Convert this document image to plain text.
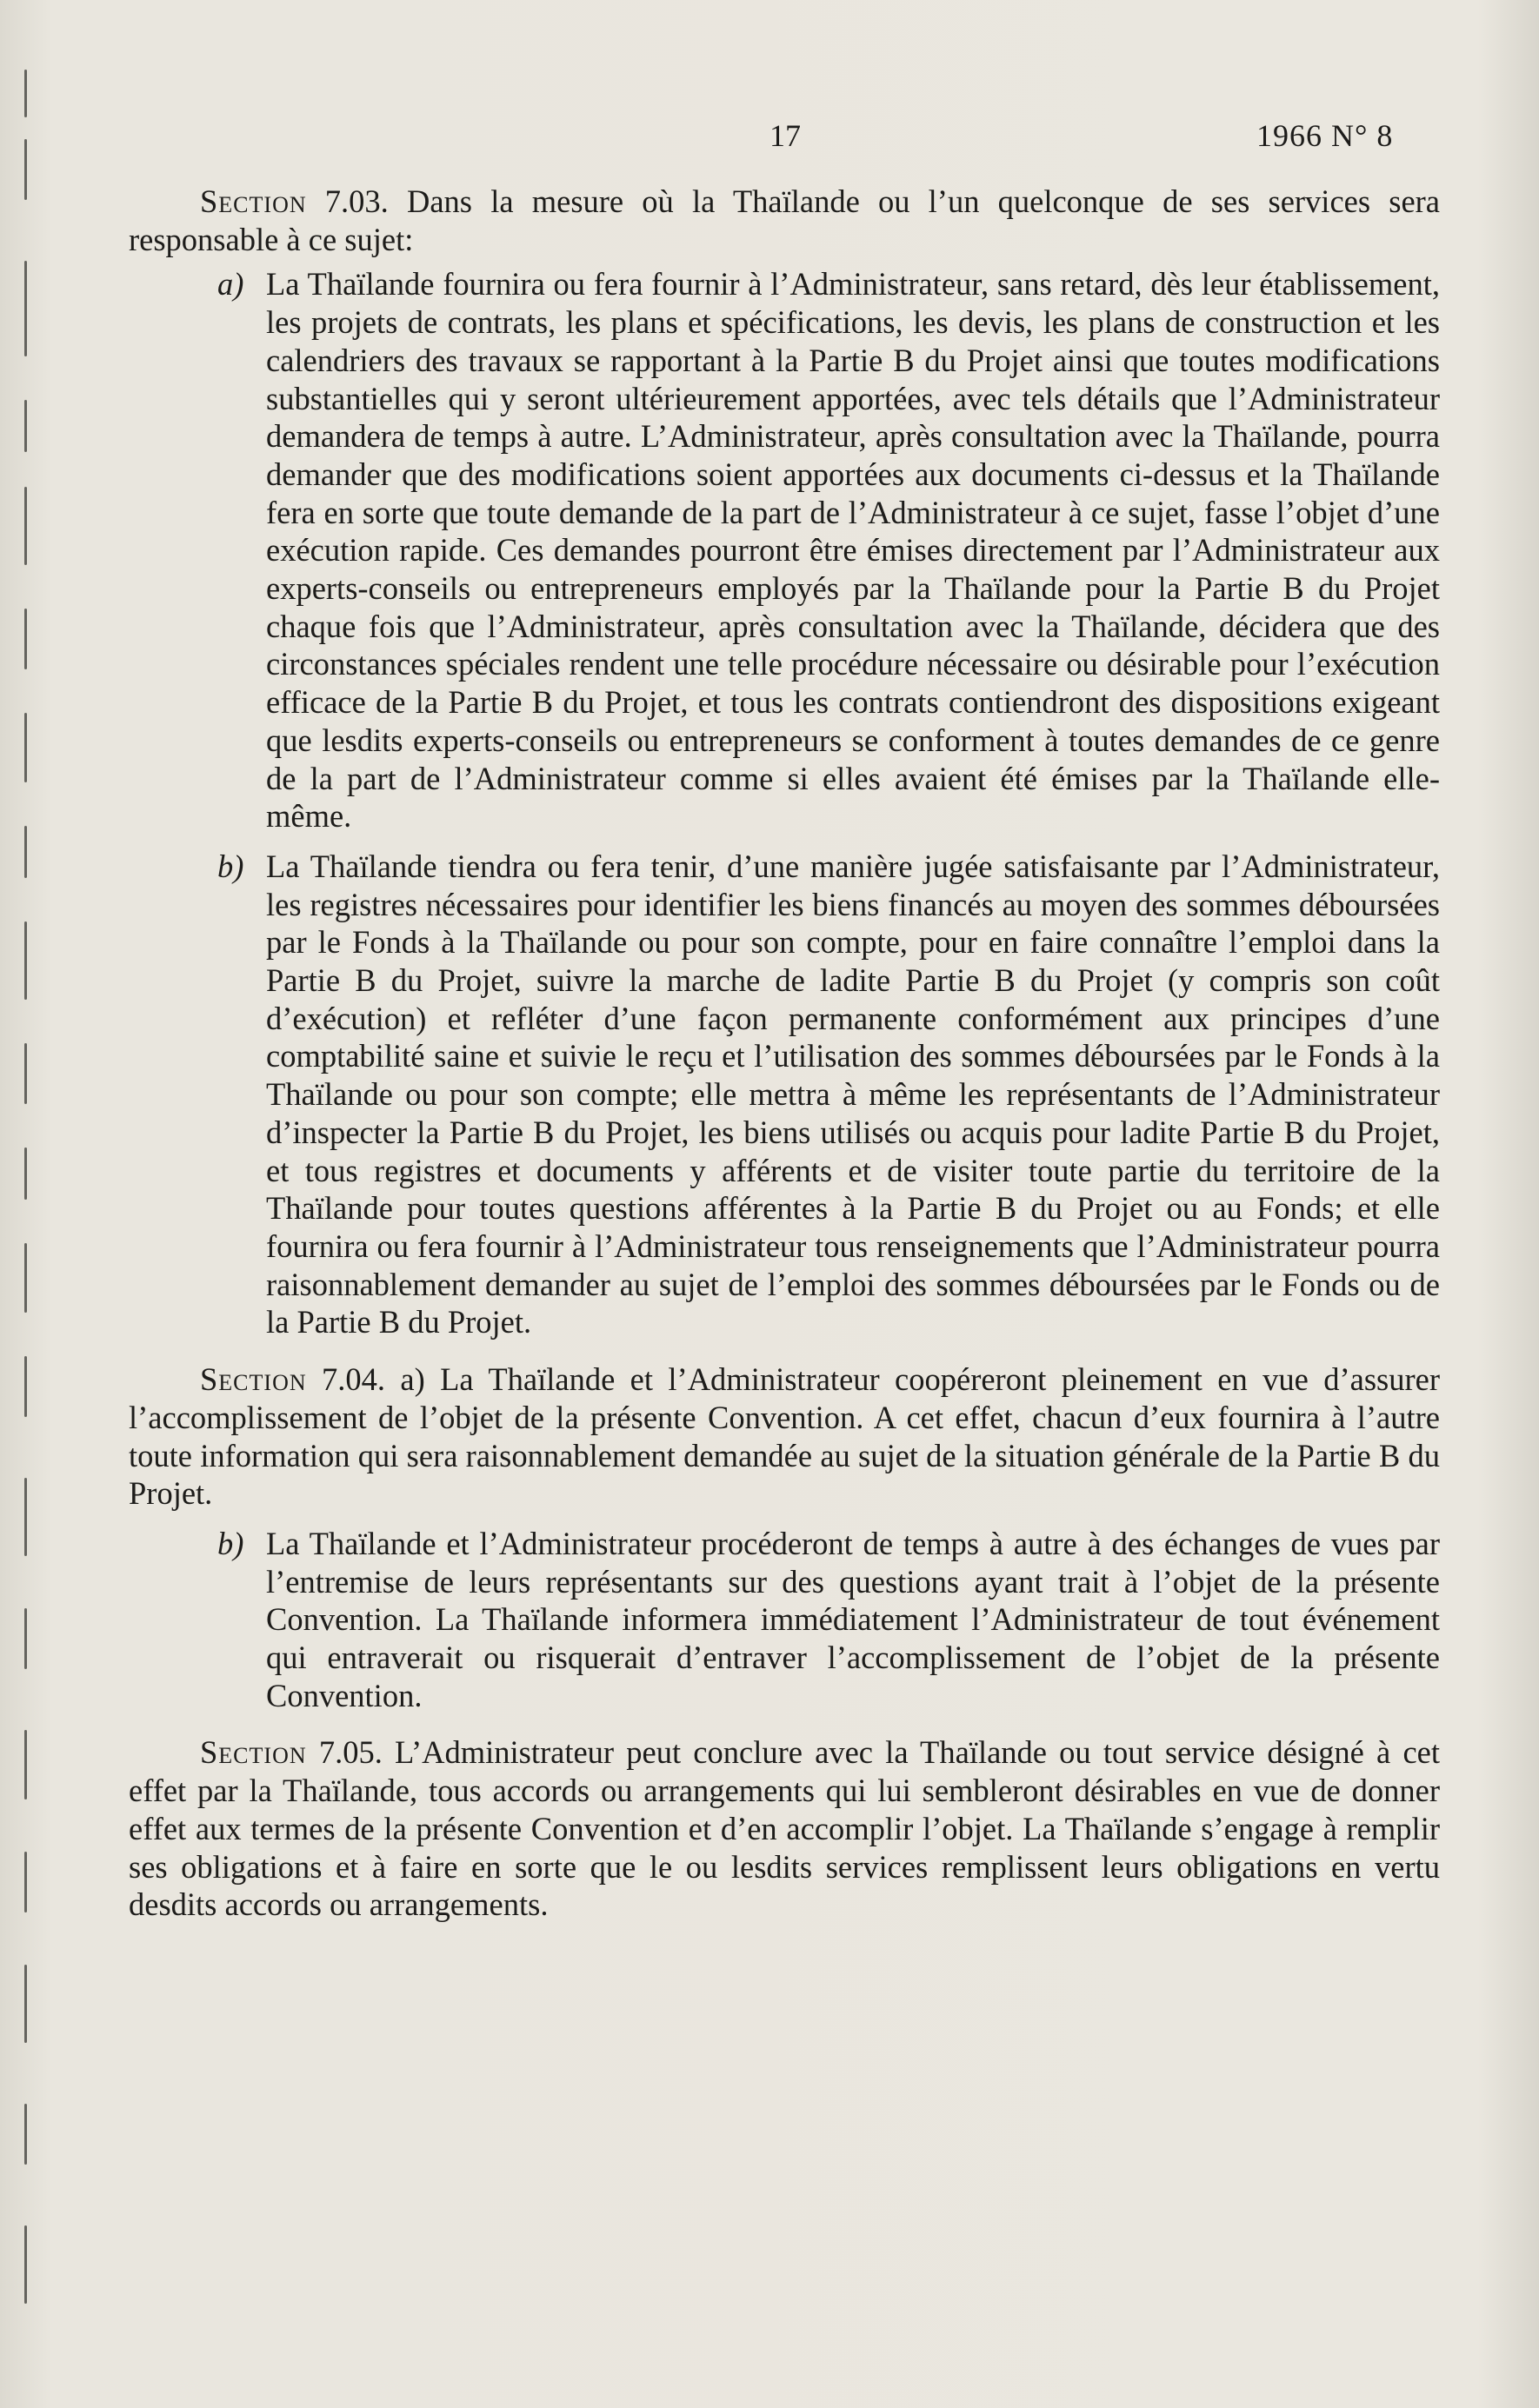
17	1966 N° 8

Section 7.03. Dans la mesure où la Thaïlande ou l’un quelconque de ses services sera responsable à ce sujet:

a) La Thaïlande fournira ou fera fournir à l’Administrateur, sans retard, dès leur établissement, les projets de contrats, les plans et spécifications, les devis, les plans de construction et les calendriers des travaux se rapportant à la Partie B du Projet ainsi que toutes modifications substantielles qui y seront ultérieurement apportées, avec tels détails que l’Administrateur demandera de temps à autre. L’Administrateur, après consultation avec la Thaïlande, pourra demander que des modifications soient apportées aux documents ci-dessus et la Thaïlande fera en sorte que toute demande de la part de l’Administrateur à ce sujet, fasse l’objet d’une exécution rapide. Ces demandes pourront être émises directement par l’Administrateur aux experts-conseils ou entrepreneurs employés par la Thaïlande pour la Partie B du Projet chaque fois que l’Administrateur, après consultation avec la Thaïlande, décidera que des circonstances spéciales rendent une telle procédure nécessaire ou désirable pour l’exécution efficace de la Partie B du Projet, et tous les contrats contiendront des dispositions exigeant que lesdits experts-conseils ou entrepreneurs se conforment à toutes demandes de ce genre de la part de l’Administrateur comme si elles avaient été émises par la Thaïlande elle-même.
b) La Thaïlande tiendra ou fera tenir, d’une manière jugée satisfaisante par l’Administrateur, les registres nécessaires pour identifier les biens financés au moyen des sommes déboursées par le Fonds à la Thaïlande ou pour son compte, pour en faire connaître l’emploi dans la Partie B du Projet, suivre la marche de ladite Partie B du Projet (y compris son coût d’exécution) et refléter d’une façon permanente conformément aux principes d’une comptabilité saine et suivie le reçu et l’utilisation des sommes déboursées par le Fonds à la Thaïlande ou pour son compte; elle mettra à même les représentants de l’Administrateur d’inspecter la Partie B du Projet, les biens utilisés ou acquis pour ladite Partie B du Projet, et tous registres et documents y afférents et de visiter toute partie du territoire de la Thaïlande pour toutes questions afférentes à la Partie B du Projet ou au Fonds; et elle fournira ou fera fournir à l’Administrateur tous renseignements que l’Administrateur pourra raisonnablement demander au sujet de l’emploi des sommes déboursées par le Fonds ou de la Partie B du Projet.

Section 7.04. a) La Thaïlande et l’Administrateur coopéreront pleinement en vue d’assurer l’accomplissement de l’objet de la présente Convention. A cet effet, chacun d’eux fournira à l’autre toute information qui sera raisonnablement demandée au sujet de la situation générale de la Partie B du Projet.

b) La Thaïlande et l’Administrateur procéderont de temps à autre à des échanges de vues par l’entremise de leurs représentants sur des questions ayant trait à l’objet de la présente Convention. La Thaïlande informera immédiatement l’Administrateur de tout événement qui entraverait ou risquerait d’entraver l’accomplissement de l’objet de la présente Convention.

Section 7.05. L’Administrateur peut conclure avec la Thaïlande ou tout service désigné à cet effet par la Thaïlande, tous accords ou arrangements qui lui sembleront désirables en vue de donner effet aux termes de la présente Convention et d’en accomplir l’objet. La Thaïlande s’engage à remplir ses obligations et à faire en sorte que le ou lesdits services remplissent leurs obligations en vertu desdits accords ou arrangements.
